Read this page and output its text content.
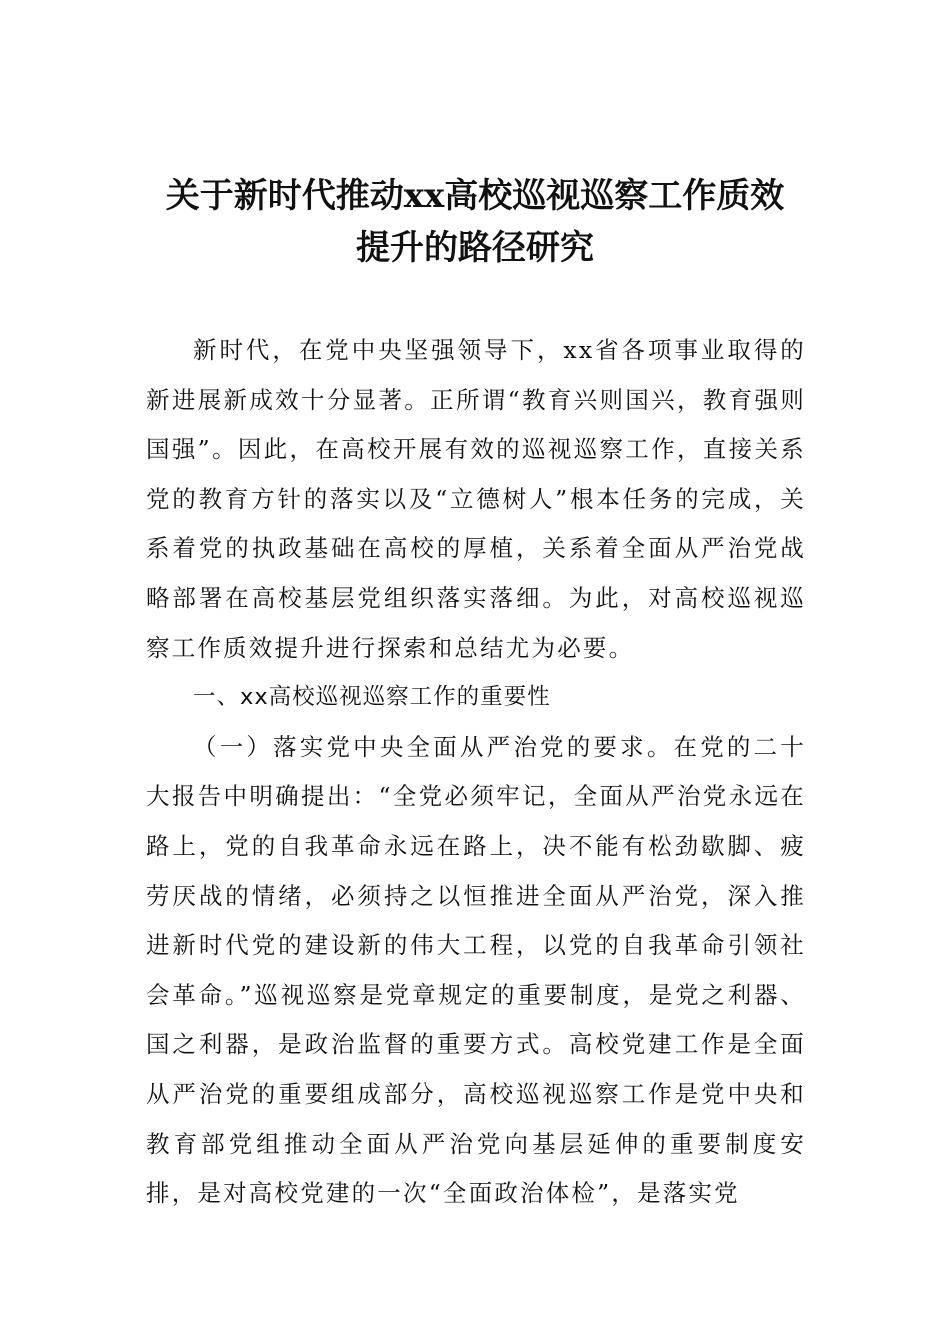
关于新时代推动xx高校巡视巡察工作质效
提升的路径研究

新时代，在党中央坚强领导下，xx省各项事业取得的新进展新成效十分显著。正所谓“教育兴则国兴，教育强则国强”。因此，在高校开展有效的巡视巡察工作，直接关系党的教育方针的落实以及“立德树人”根本任务的完成，关系着党的执政基础在高校的厚植，关系着全面从严治党战略部署在高校基层党组织落实落细。为此，对高校巡视巡察工作质效提升进行探索和总结尤为必要。

一、xx高校巡视巡察工作的重要性

（一）落实党中央全面从严治党的要求。在党的二十大报告中明确提出：“全党必须牢记，全面从严治党永远在路上，党的自我革命永远在路上，决不能有松劲歇脚、疲劳厌战的情绪，必须持之以恒推进全面从严治党，深入推进新时代党的建设新的伟大工程，以党的自我革命引领社会革命。”巡视巡察是党章规定的重要制度，是党之利器、国之利器，是政治监督的重要方式。高校党建工作是全面从严治党的重要组成部分，高校巡视巡察工作是党中央和教育部党组推动全面从严治党向基层延伸的重要制度安排，是对高校党建的一次“全面政治体检”，是落实党
